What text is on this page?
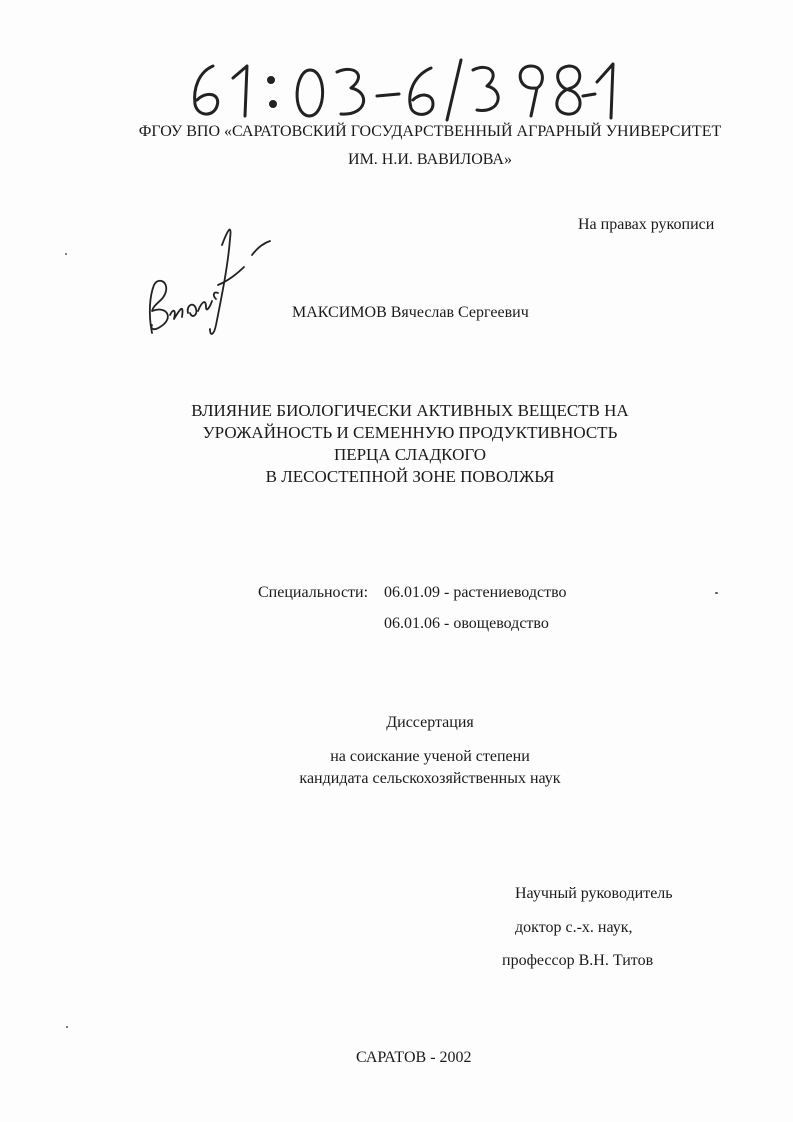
ФГОУ ВПО «САРАТОВСКИЙ ГОСУДАРСТВЕННЫЙ АГРАРНЫЙ УНИВЕРСИТЕТ
ИМ. Н.И. ВАВИЛОВА»
На правах рукописи
МАКСИМОВ Вячеслав Сергеевич
ВЛИЯНИЕ БИОЛОГИЧЕСКИ АКТИВНЫХ ВЕЩЕСТВ НА
УРОЖАЙНОСТЬ И СЕМЕННУЮ ПРОДУКТИВНОСТЬ
ПЕРЦА СЛАДКОГО
В ЛЕСОСТЕПНОЙ ЗОНЕ ПОВОЛЖЬЯ
Специальности: 06.01.09 - растениеводство
06.01.06 - овощеводство
Диссертация
на соискание ученой степени
кандидата сельскохозяйственных наук
Научный руководитель
доктор с.-х. наук,
профессор В.Н. Титов
САРАТОВ - 2002
